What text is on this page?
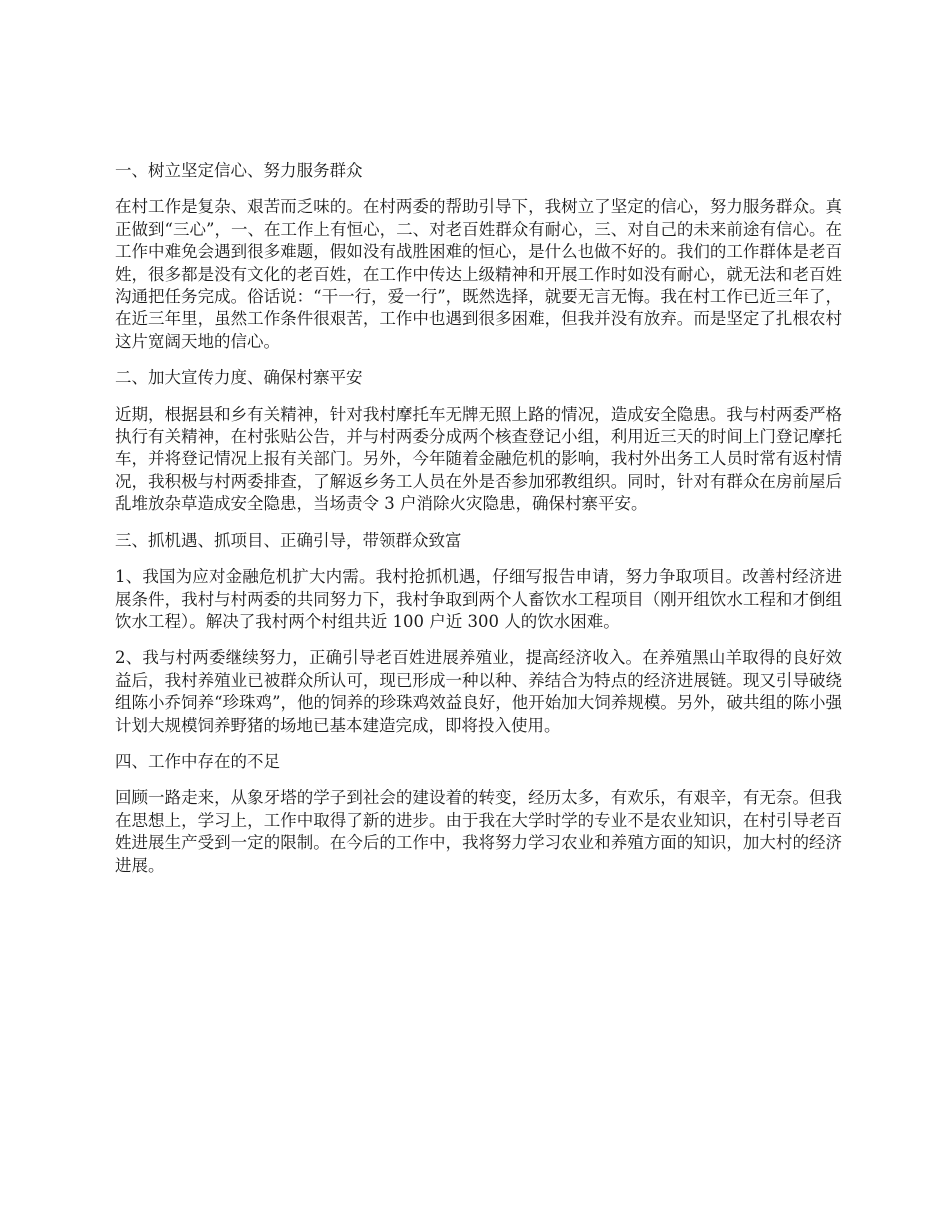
一、树立坚定信心、努力服务群众

在村工作是复杂、艰苦而乏味的。在村两委的帮助引导下，我树立了坚定的信心，努力服务群众。真正做到“三心”，一、在工作上有恒心，二、对老百姓群众有耐心，三、对自己的未来前途有信心。在工作中难免会遇到很多难题，假如没有战胜困难的恒心，是什么也做不好的。我们的工作群体是老百姓，很多都是没有文化的老百姓，在工作中传达上级精神和开展工作时如没有耐心，就无法和老百姓沟通把任务完成。俗话说：“干一行，爱一行”，既然选择，就要无言无悔。我在村工作已近三年了，在近三年里，虽然工作条件很艰苦，工作中也遇到很多困难，但我并没有放弃。而是坚定了扎根农村这片宽阔天地的信心。

二、加大宣传力度、确保村寨平安

近期，根据县和乡有关精神，针对我村摩托车无牌无照上路的情况，造成安全隐患。我与村两委严格执行有关精神，在村张贴公告，并与村两委分成两个核查登记小组，利用近三天的时间上门登记摩托车，并将登记情况上报有关部门。另外，今年随着金融危机的影响，我村外出务工人员时常有返村情况，我积极与村两委排查，了解返乡务工人员在外是否参加邪教组织。同时，针对有群众在房前屋后乱堆放杂草造成安全隐患，当场责令 3 户消除火灾隐患，确保村寨平安。

三、抓机遇、抓项目、正确引导，带领群众致富

1、我国为应对金融危机扩大内需。我村抢抓机遇，仔细写报告申请，努力争取项目。改善村经济进展条件，我村与村两委的共同努力下，我村争取到两个人畜饮水工程项目（刚开组饮水工程和才倒组饮水工程）。解决了我村两个村组共近 100 户近 300 人的饮水困难。

2、我与村两委继续努力，正确引导老百姓进展养殖业，提高经济收入。在养殖黑山羊取得的良好效益后，我村养殖业已被群众所认可，现已形成一种以种、养结合为特点的经济进展链。现又引导破绕组陈小乔饲养“珍珠鸡”，他的饲养的珍珠鸡效益良好，他开始加大饲养规模。另外，破共组的陈小强计划大规模饲养野猪的场地已基本建造完成，即将投入使用。

四、工作中存在的不足

回顾一路走来，从象牙塔的学子到社会的建设着的转变，经历太多，有欢乐，有艰辛，有无奈。但我在思想上，学习上，工作中取得了新的进步。由于我在大学时学的专业不是农业知识，在村引导老百姓进展生产受到一定的限制。在今后的工作中，我将努力学习农业和养殖方面的知识，加大村的经济进展。
